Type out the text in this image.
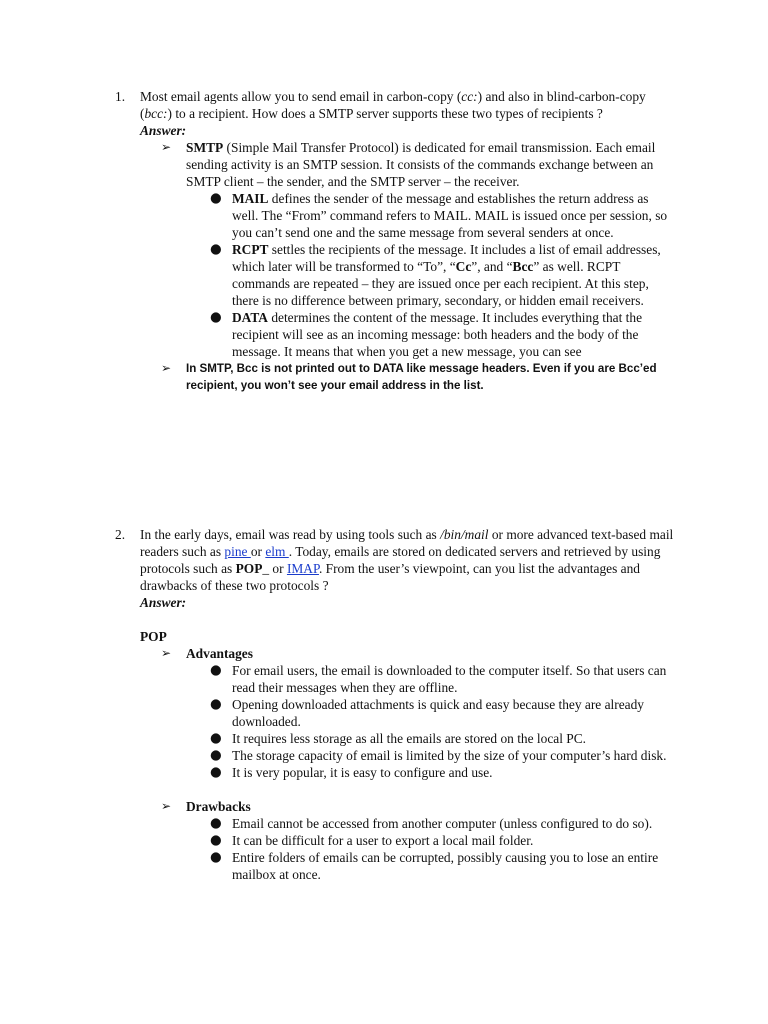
1. Most email agents allow you to send email in carbon-copy (cc:) and also in blind-carbon-copy (bcc:) to a recipient. How does a SMTP server supports these two types of recipients ?
Answer:
➢ SMTP (Simple Mail Transfer Protocol) is dedicated for email transmission. Each email sending activity is an SMTP session. It consists of the commands exchange between an SMTP client – the sender, and the SMTP server – the receiver.
● MAIL defines the sender of the message and establishes the return address as well. The “From” command refers to MAIL. MAIL is issued once per session, so you can’t send one and the same message from several senders at once.
● RCPT settles the recipients of the message. It includes a list of email addresses, which later will be transformed to “To”, “Cc”, and “Bcc” as well. RCPT commands are repeated – they are issued once per each recipient. At this step, there is no difference between primary, secondary, or hidden email receivers.
● DATA determines the content of the message. It includes everything that the recipient will see as an incoming message: both headers and the body of the message. It means that when you get a new message, you can see
➢ In SMTP, Bcc is not printed out to DATA like message headers. Even if you are Bcc’ed recipient, you won’t see your email address in the list.
2. In the early days, email was read by using tools such as /bin/mail or more advanced text-based mail readers such as pine or elm . Today, emails are stored on dedicated servers and retrieved by using protocols such as POP_ or IMAP. From the user’s viewpoint, can you list the advantages and drawbacks of these two protocols ?
Answer:
POP
➢ Advantages
● For email users, the email is downloaded to the computer itself. So that users can read their messages when they are offline.
● Opening downloaded attachments is quick and easy because they are already downloaded.
● It requires less storage as all the emails are stored on the local PC.
● The storage capacity of email is limited by the size of your computer’s hard disk.
● It is very popular, it is easy to configure and use.
➢ Drawbacks
● Email cannot be accessed from another computer (unless configured to do so).
● It can be difficult for a user to export a local mail folder.
● Entire folders of emails can be corrupted, possibly causing you to lose an entire mailbox at once.
